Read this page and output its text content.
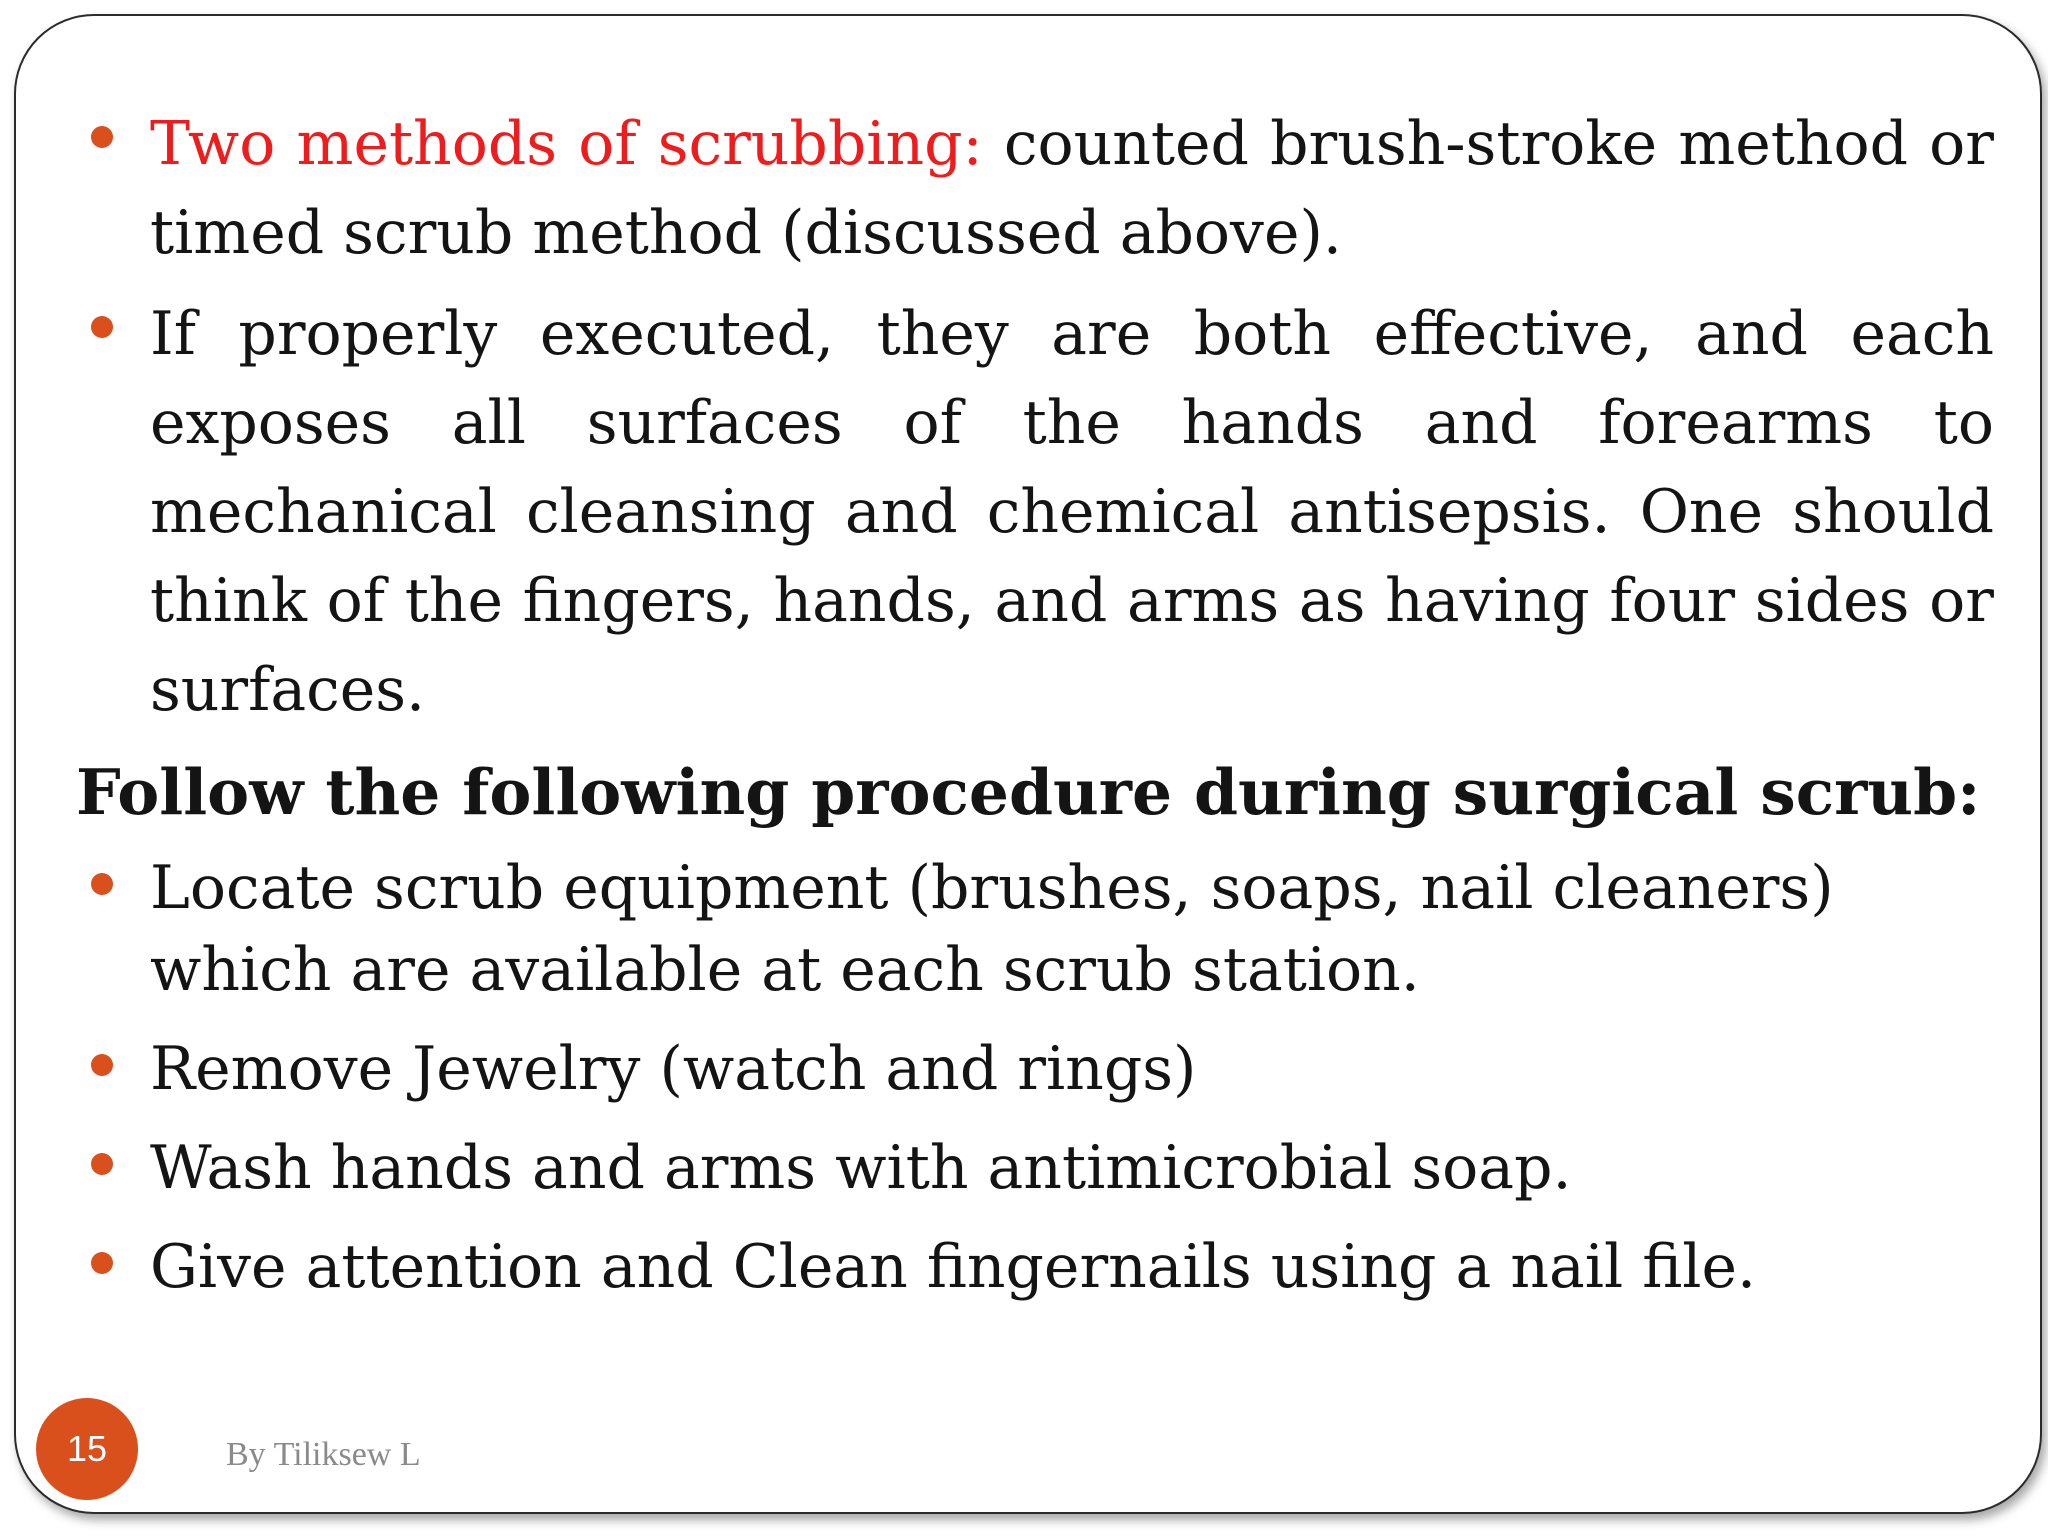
Two methods of scrubbing: counted brush-stroke method or timed scrub method (discussed above).
If properly executed, they are both effective, and each exposes all surfaces of the hands and forearms to mechanical cleansing and chemical antisepsis. One should think of the fingers, hands, and arms as having four sides or surfaces.
Follow the following procedure during surgical scrub:
Locate scrub equipment (brushes, soaps, nail cleaners) which are available at each scrub station.
Remove Jewelry (watch and rings)
Wash hands and arms with antimicrobial soap.
Give attention and Clean fingernails using a nail file.
15	By Tiliksew L
